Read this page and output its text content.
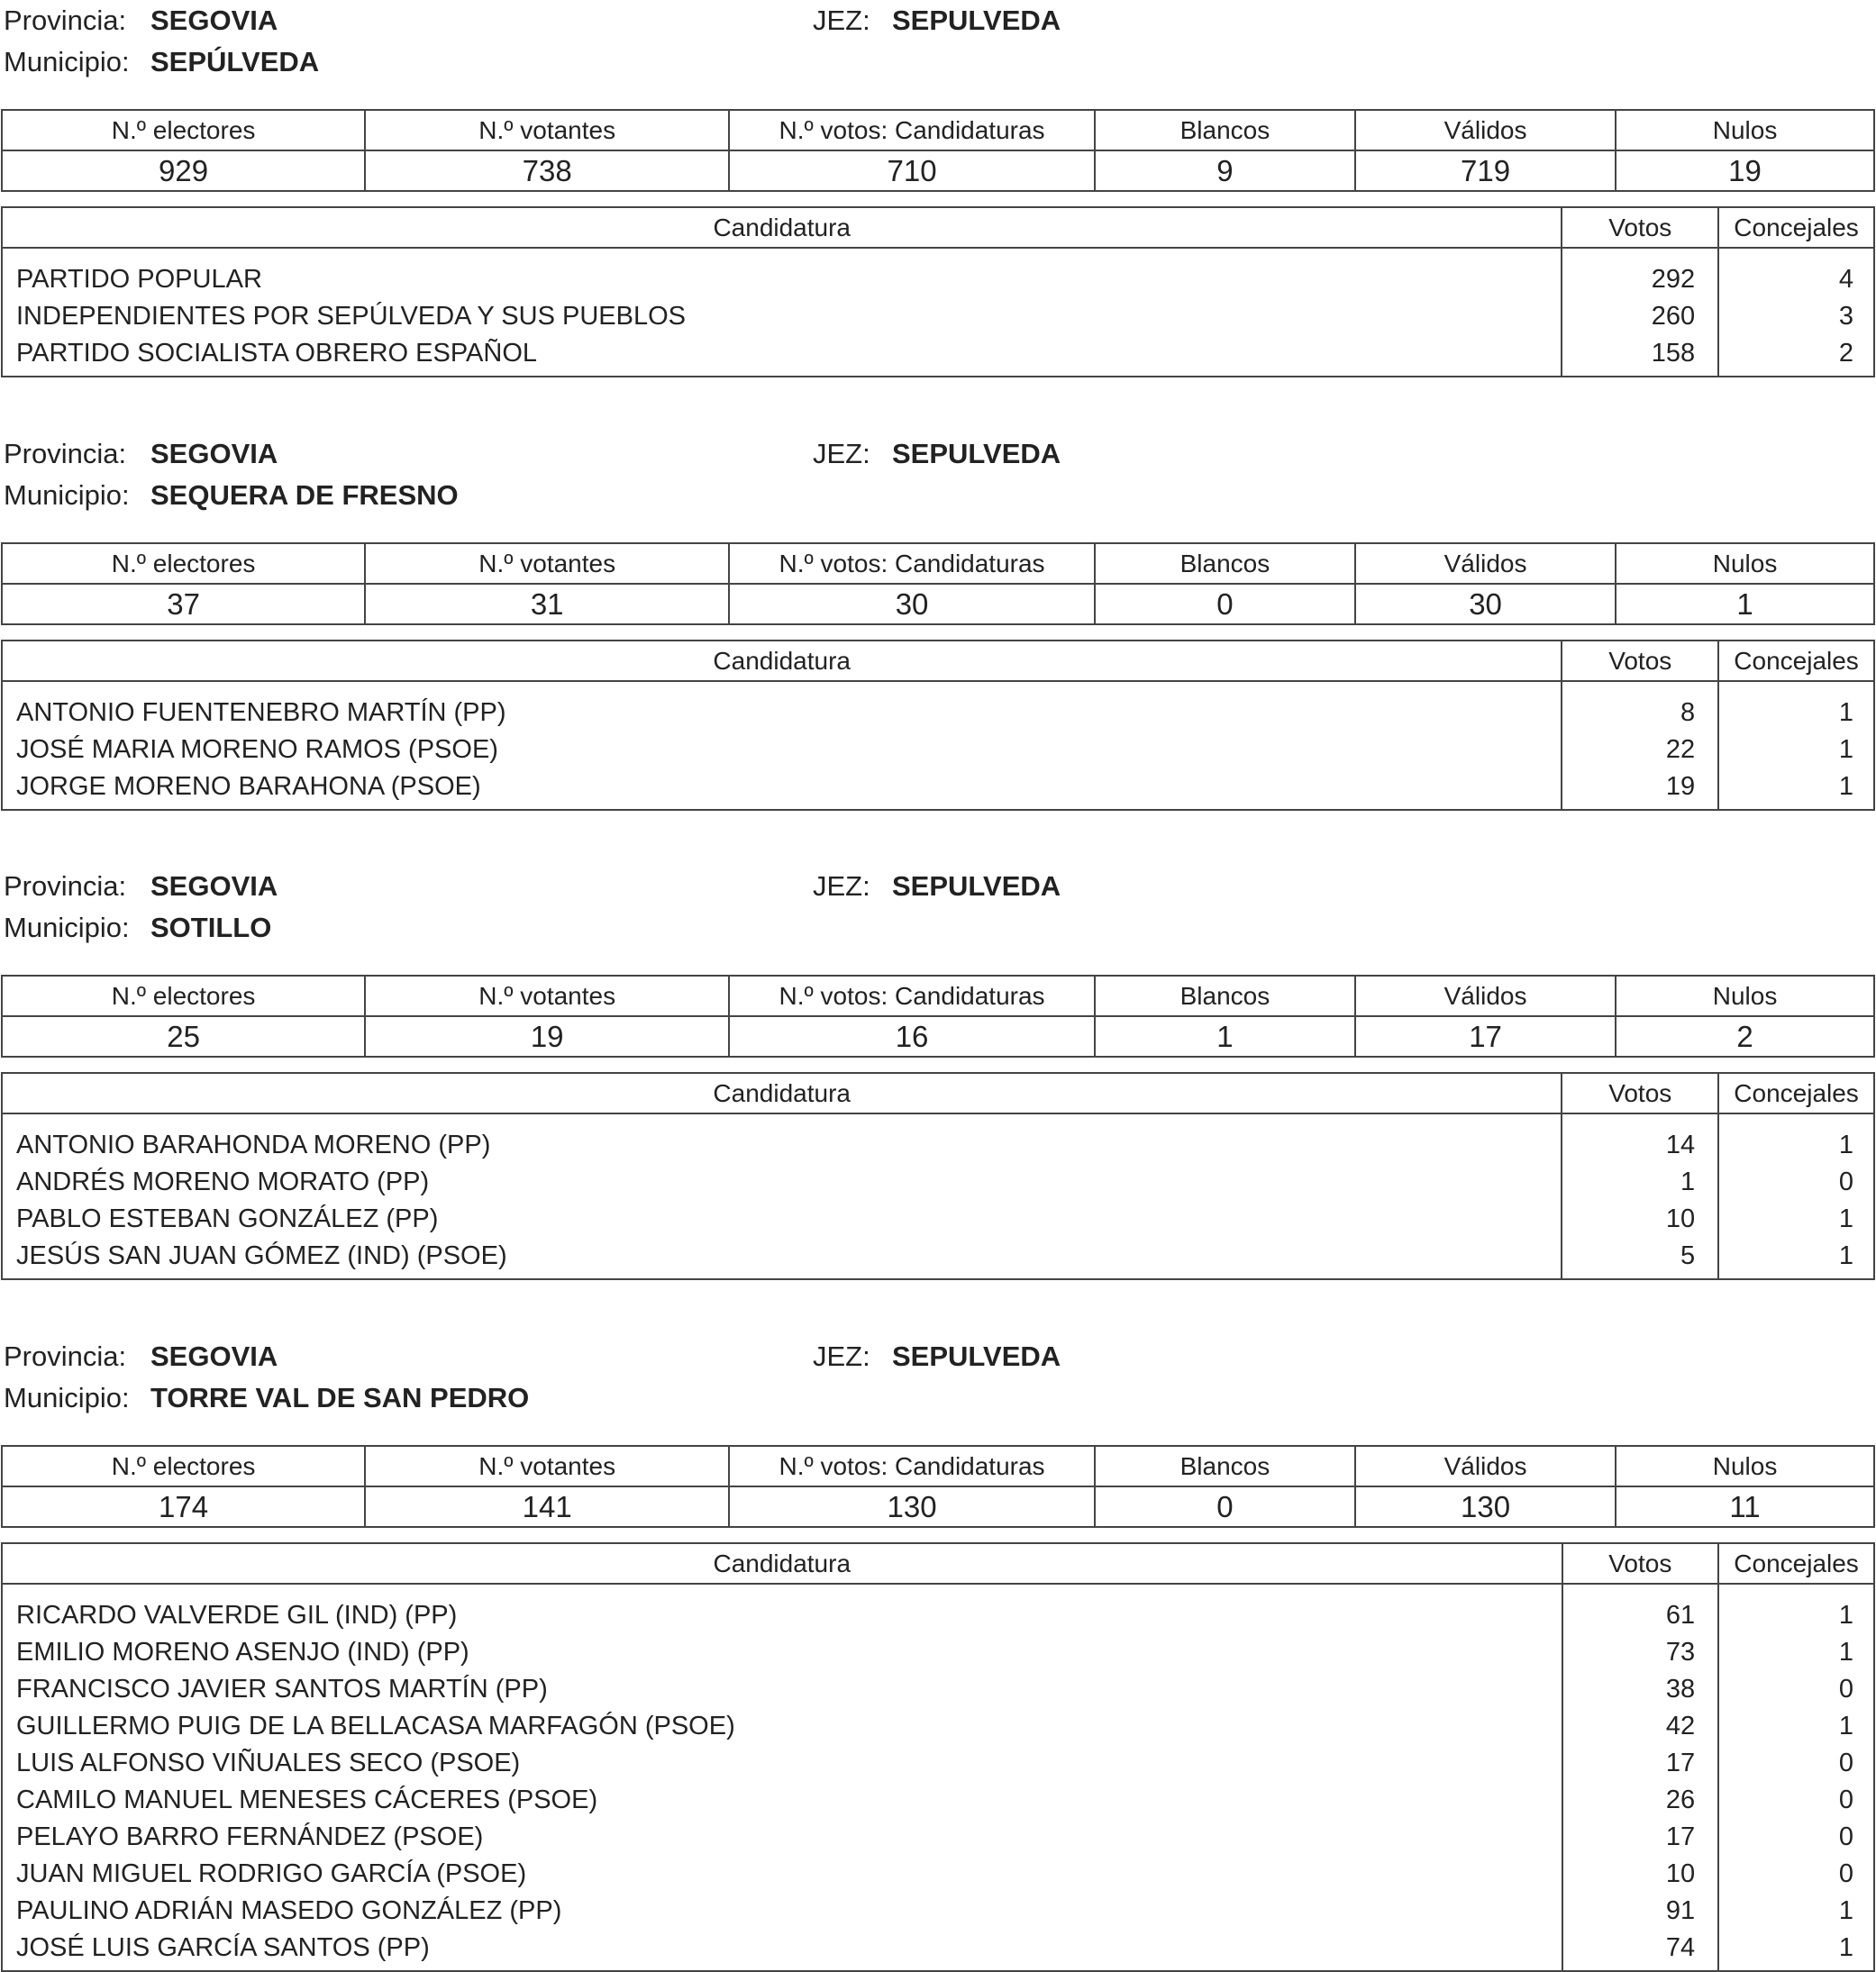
Provincia: SEGOVIA	JEZ: SEPULVEDA
Municipio: SEPÚLVEDA
N.º electores	N.º votantes	N.º votos: Candidaturas	Blancos	Válidos	Nulos
929	738	710	9	719	19
Candidatura	Votos	Concejales
PARTIDO POPULAR	292	4
INDEPENDIENTES POR SEPÚLVEDA Y SUS PUEBLOS	260	3
PARTIDO SOCIALISTA OBRERO ESPAÑOL	158	2
Provincia: SEGOVIA	JEZ: SEPULVEDA
Municipio: SEQUERA DE FRESNO
N.º electores	N.º votantes	N.º votos: Candidaturas	Blancos	Válidos	Nulos
37	31	30	0	30	1
Candidatura	Votos	Concejales
ANTONIO FUENTENEBRO MARTÍN (PP)	8	1
JOSÉ MARIA MORENO RAMOS (PSOE)	22	1
JORGE MORENO BARAHONA (PSOE)	19	1
Provincia: SEGOVIA	JEZ: SEPULVEDA
Municipio: SOTILLO
N.º electores	N.º votantes	N.º votos: Candidaturas	Blancos	Válidos	Nulos
25	19	16	1	17	2
Candidatura	Votos	Concejales
ANTONIO BARAHONDA MORENO (PP)	14	1
ANDRÉS MORENO MORATO (PP)	1	0
PABLO ESTEBAN GONZÁLEZ (PP)	10	1
JESÚS SAN JUAN GÓMEZ (IND) (PSOE)	5	1
Provincia: SEGOVIA	JEZ: SEPULVEDA
Municipio: TORRE VAL DE SAN PEDRO
N.º electores	N.º votantes	N.º votos: Candidaturas	Blancos	Válidos	Nulos
174	141	130	0	130	11
Candidatura	Votos	Concejales
RICARDO VALVERDE GIL (IND) (PP)	61	1
EMILIO MORENO ASENJO (IND) (PP)	73	1
FRANCISCO JAVIER SANTOS MARTÍN (PP)	38	0
GUILLERMO PUIG DE LA BELLACASA MARFAGÓN (PSOE)	42	1
LUIS ALFONSO VIÑUALES SECO (PSOE)	17	0
CAMILO MANUEL MENESES CÁCERES (PSOE)	26	0
PELAYO BARRO FERNÁNDEZ (PSOE)	17	0
JUAN MIGUEL RODRIGO GARCÍA (PSOE)	10	0
PAULINO ADRIÁN MASEDO GONZÁLEZ (PP)	91	1
JOSÉ LUIS GARCÍA SANTOS (PP)	74	1
